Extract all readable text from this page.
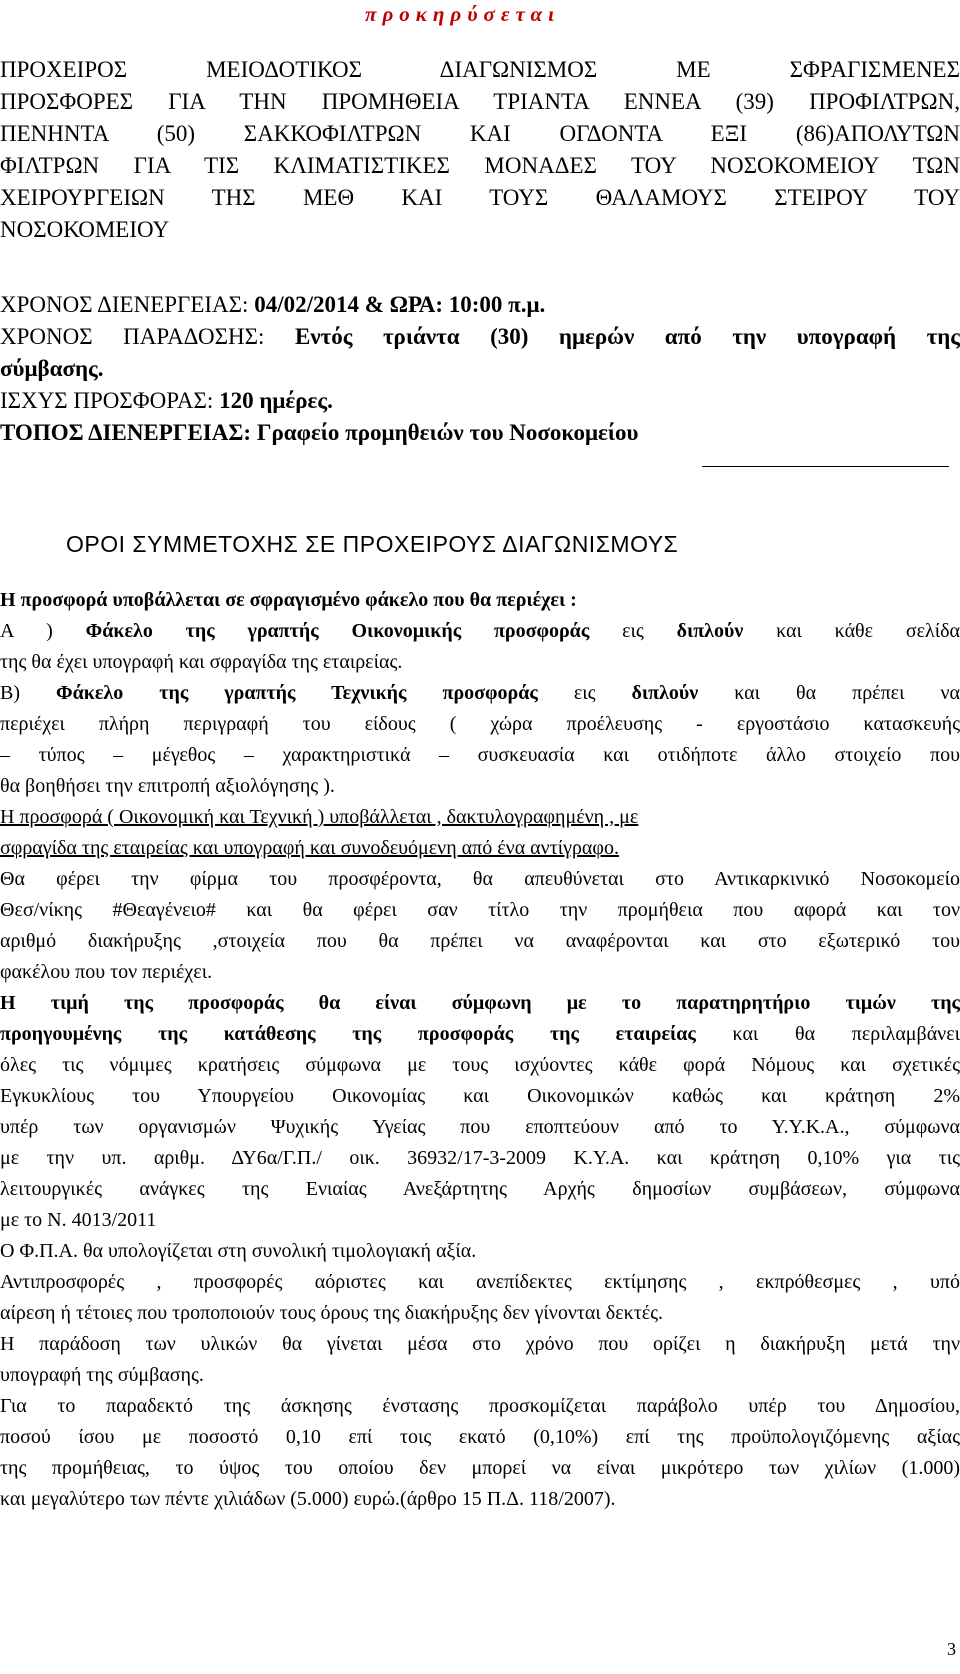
προκηρύσεται

ΠΡΟΧΕΙΡΟΣ ΜΕΙΟΔΟΤΙΚΟΣ ΔΙΑΓΩΝΙΣΜΟΣ ΜΕ ΣΦΡΑΓΙΣΜΕΝΕΣ
ΠΡΟΣΦΟΡΕΣ ΓΙΑ ΤΗΝ ΠΡΟΜΗΘΕΙΑ ΤΡΙΑΝΤΑ ΕΝΝΕΑ (39) ΠΡΟΦΙΛΤΡΩΝ,
ΠΕΝΗΝΤΑ (50) ΣΑΚΚΟΦΙΛΤΡΩΝ ΚΑΙ ΟΓΔΟΝΤΑ ΕΞΙ (86)ΑΠΟΛΥΤΩΝ
ΦΙΛΤΡΩΝ ΓΙΑ ΤΙΣ ΚΛΙΜΑΤΙΣΤΙΚΕΣ ΜΟΝΑΔΕΣ ΤΟΥ ΝΟΣΟΚΟΜΕΙΟΥ ΤΩΝ
ΧΕΙΡΟΥΡΓΕΙΩΝ ΤΗΣ ΜΕΘ ΚΑΙ ΤΟΥΣ ΘΑΛΑΜΟΥΣ ΣΤΕΙΡΟΥ ΤΟΥ
ΝΟΣΟΚΟΜΕΙΟΥ
ΧΡΟΝΟΣ ΔΙΕΝΕΡΓΕΙΑΣ: 04/02/2014 & ΩΡΑ: 10:00 π.μ.
ΧΡΟΝΟΣ ΠΑΡΑΔΟΣΗΣ: Εντός τριάντα (30) ημερών από την υπογραφή της
σύμβασης.
ΙΣΧΥΣ ΠΡΟΣΦΟΡΑΣ: 120 ημέρες.
ΤΟΠΟΣ ΔΙΕΝΕΡΓΕΙΑΣ: Γραφείο προμηθειών του Νοσοκομείου
ΟΡΟΙ ΣΥΜΜΕΤΟΧΗΣ ΣΕ ΠΡΟΧΕΙΡΟΥΣ ΔΙΑΓΩΝΙΣΜΟΥΣ
Η προσφορά υποβάλλεται σε σφραγισμένο φάκελο που θα περιέχει :
Α ) Φάκελο της γραπτής Οικονομικής προσφοράς εις διπλούν και κάθε σελίδα
της θα έχει υπογραφή και σφραγίδα της εταιρείας.
Β) Φάκελο της γραπτής Τεχνικής προσφοράς εις διπλούν και θα πρέπει να
περιέχει πλήρη περιγραφή του είδους ( χώρα προέλευσης - εργοστάσιο κατασκευής
– τύπος – μέγεθος – χαρακτηριστικά – συσκευασία και οτιδήποτε άλλο στοιχείο που
θα βοηθήσει την επιτροπή αξιολόγησης ).
Η προσφορά ( Οικονομική και Τεχνική ) υποβάλλεται , δακτυλογραφημένη , με
σφραγίδα της εταιρείας και υπογραφή και συνοδευόμενη από ένα αντίγραφο.
Θα φέρει την φίρμα του προσφέροντα, θα απευθύνεται στο Αντικαρκινικό Νοσοκομείο
Θεσ/νίκης #Θεαγένειο# και θα φέρει σαν τίτλο την προμήθεια που αφορά και τον
αριθμό διακήρυξης ,στοιχεία που θα πρέπει να αναφέρονται και στο εξωτερικό του
φακέλου που τον περιέχει.
Η τιμή της προσφοράς θα είναι σύμφωνη με το παρατηρητήριο τιμών της
προηγουμένης της κατάθεσης της προσφοράς της εταιρείας και θα περιλαμβάνει
όλες τις νόμιμες κρατήσεις σύμφωνα με τους ισχύοντες κάθε φορά Νόμους και σχετικές
Εγκυκλίους του Υπουργείου Οικονομίας και Οικονομικών καθώς και κράτηση 2%
υπέρ των οργανισμών Ψυχικής Υγείας που εποπτεύουν από το Υ.Υ.Κ.Α., σύμφωνα
με την υπ. αριθμ. ΔΥ6α/Γ.Π./ οικ. 36932/17-3-2009 Κ.Υ.Α. και κράτηση 0,10% για τις
λειτουργικές ανάγκες της Ενιαίας Ανεξάρτητης Αρχής δημοσίων συμβάσεων, σύμφωνα
με το Ν. 4013/2011
Ο Φ.Π.Α. θα υπολογίζεται στη συνολική τιμολογιακή αξία.
Αντιπροσφορές , προσφορές αόριστες και ανεπίδεκτες εκτίμησης , εκπρόθεσμες , υπό
αίρεση ή τέτοιες που τροποποιούν τους όρους της διακήρυξης δεν γίνονται δεκτές.
Η παράδοση των υλικών θα γίνεται μέσα στο χρόνο που ορίζει η διακήρυξη μετά την
υπογραφή της σύμβασης.
Για το παραδεκτό της άσκησης ένστασης προσκομίζεται παράβολο υπέρ του Δημοσίου,
ποσού ίσου με ποσοστό 0,10 επί τοις εκατό (0,10%) επί της προϋπολογιζόμενης αξίας
της προμήθειας, το ύψος του οποίου δεν μπορεί να είναι μικρότερο των χιλίων (1.000)
και μεγαλύτερο των πέντε χιλιάδων (5.000) ευρώ.(άρθρο 15 Π.Δ. 118/2007).
3
